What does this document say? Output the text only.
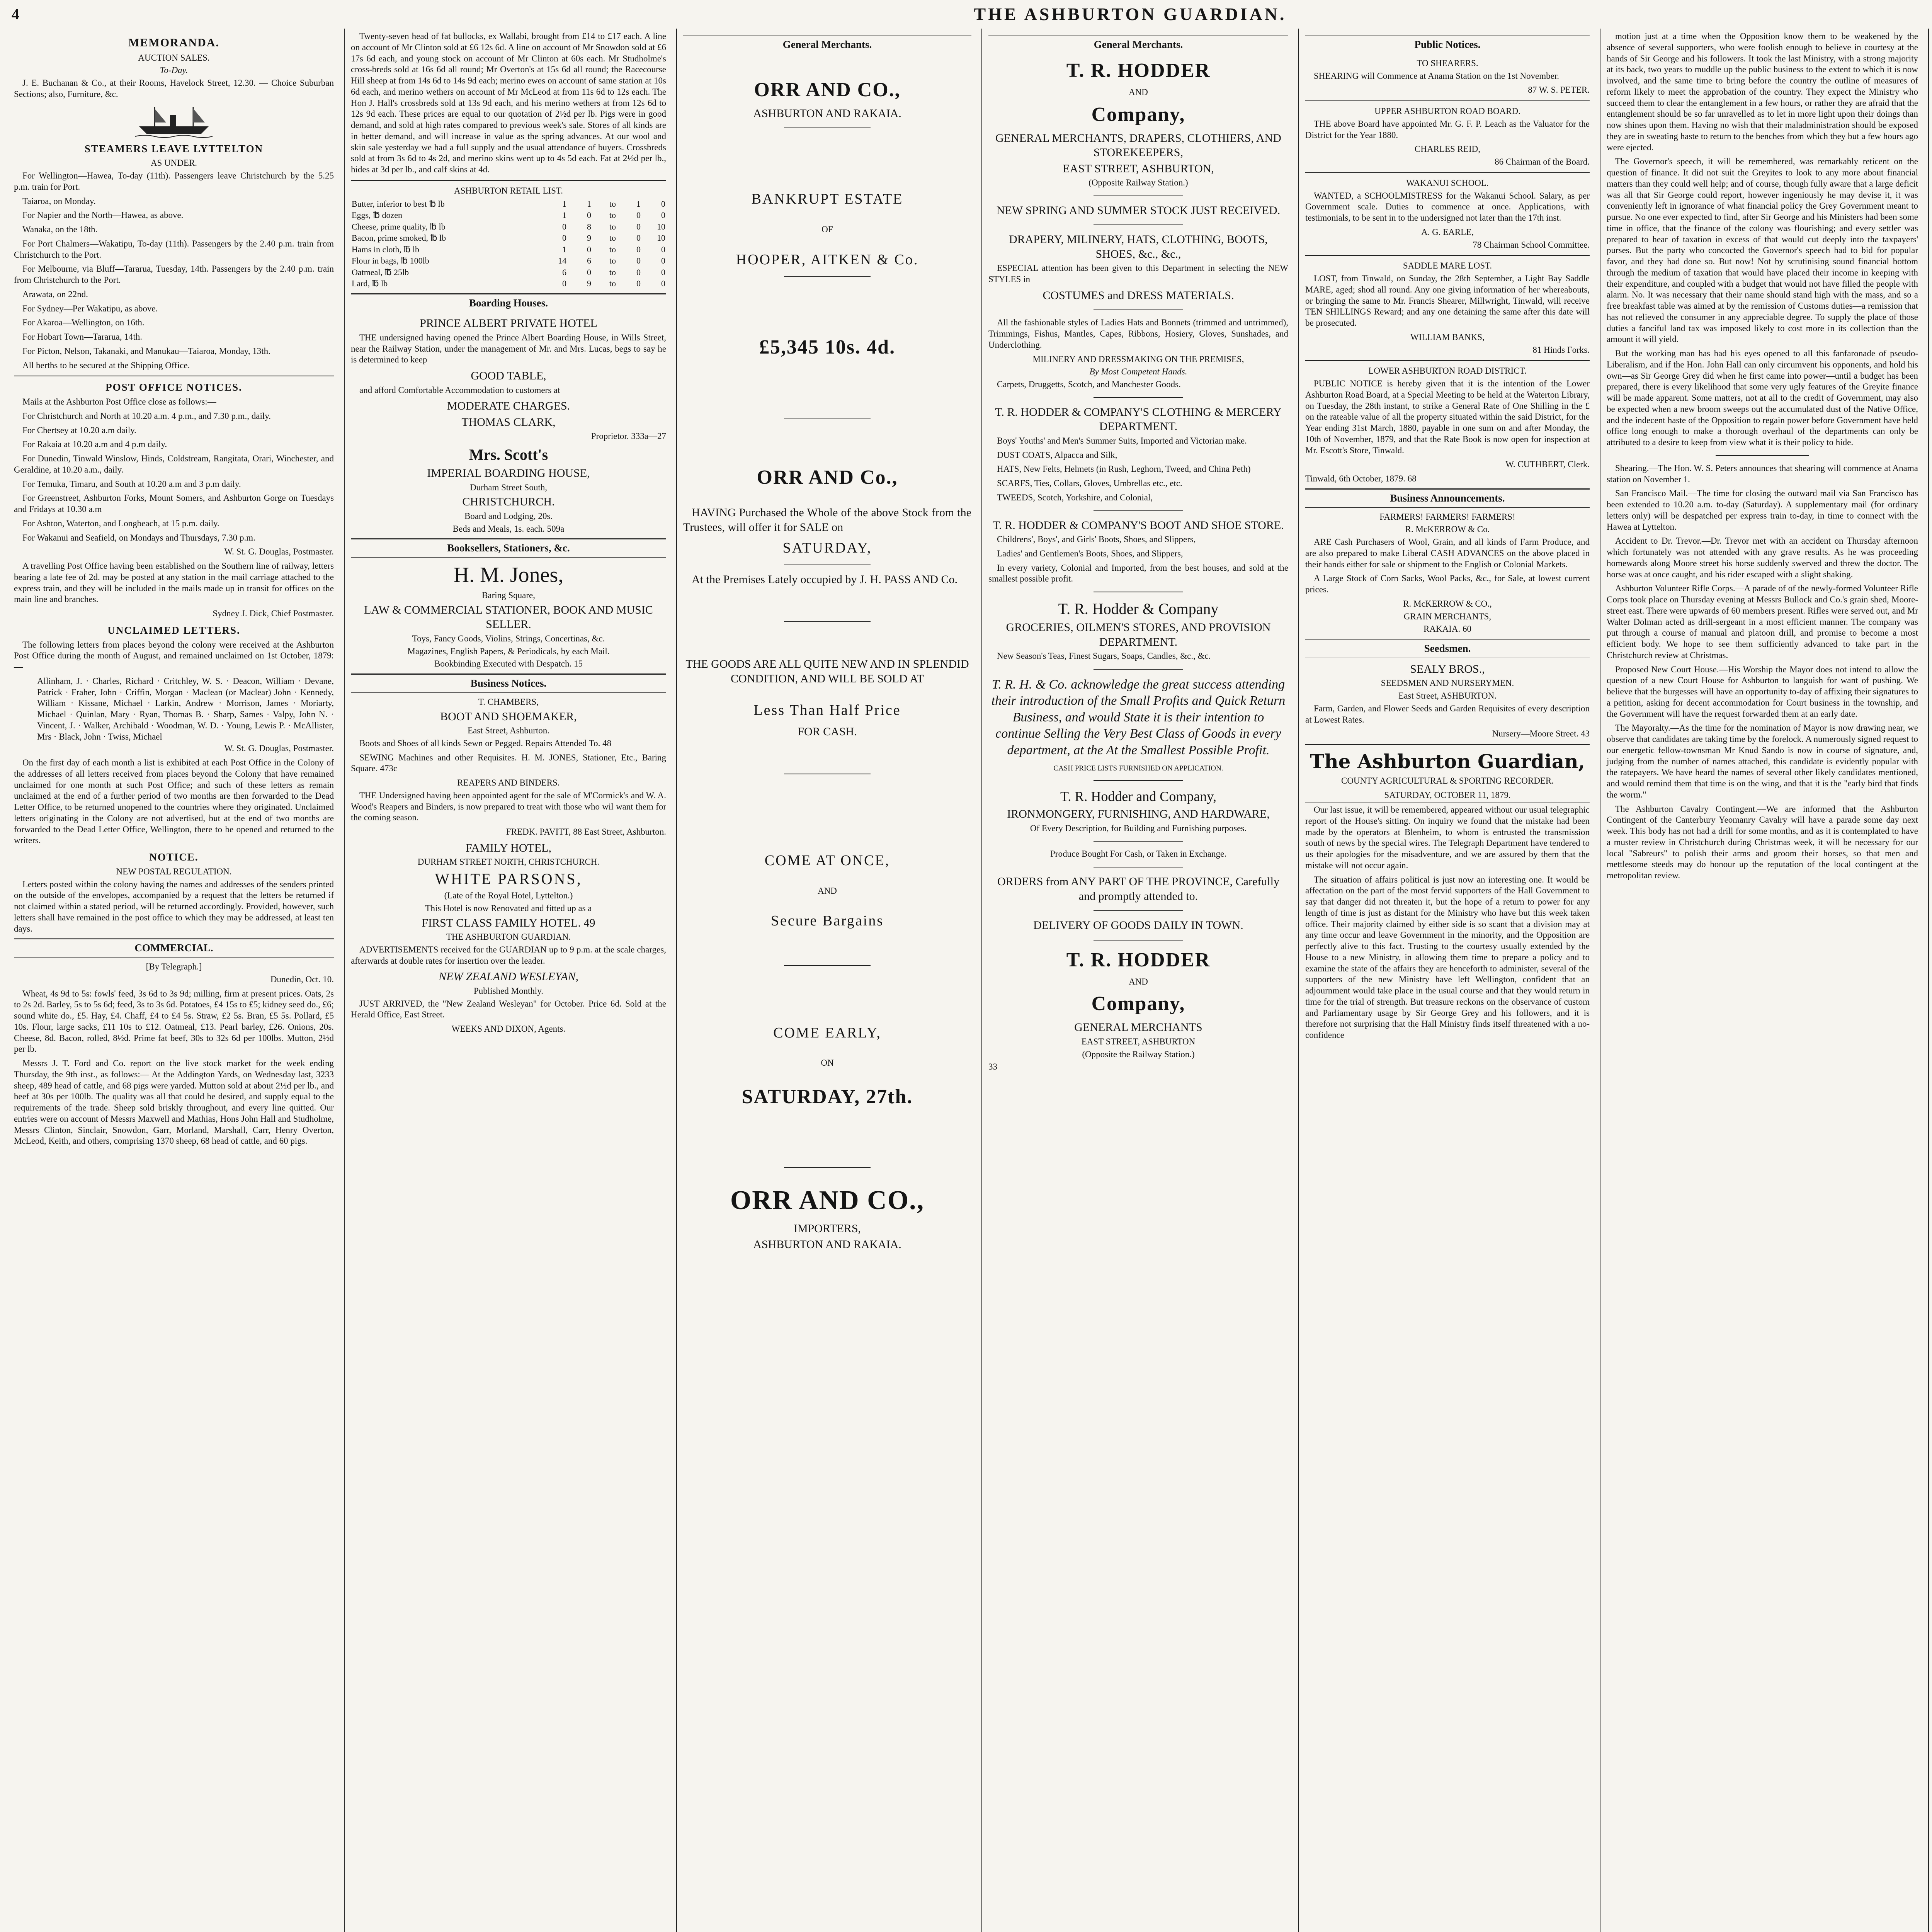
4	THE ASHBURTON GUARDIAN.
MEMORANDA.
AUCTION SALES.
To-Day.

J. E. Buchanan & Co., at their Rooms, Havelock Street, 12.30. — Choice Suburban Sections; also, Furniture, &c.

STEAMERS LEAVE LYTTELTON
AS UNDER.

For Wellington—Hawea, To-day (11th). Passengers leave Christchurch by the 5.25 p.m. train for Port.

Taiaroa, on Monday.

For Napier and the North—Hawea, as above.

Wanaka, on the 18th.

For Port Chalmers—Wakatipu, To-day (11th). Passengers by the 2.40 p.m. train from Christchurch to the Port.

For Melbourne, via Bluff—Tararua, Tuesday, 14th. Passengers by the 2.40 p.m. train from Christchurch to the Port.

Arawata, on 22nd.

For Sydney—Per Wakatipu, as above.

For Akaroa—Wellington, on 16th.

For Hobart Town—Tararua, 14th.

For Picton, Nelson, Takanaki, and Manukau—Taiaroa, Monday, 13th.

All berths to be secured at the Shipping Office.

POST OFFICE NOTICES.

Mails at the Ashburton Post Office close as follows:—

For Christchurch and North at 10.20 a.m. 4 p.m., and 7.30 p.m., daily.

For Chertsey at 10.20 a.m daily.

For Rakaia at 10.20 a.m and 4 p.m daily.

For Dunedin, Tinwald Winslow, Hinds, Coldstream, Rangitata, Orari, Winchester, and Geraldine, at 10.20 a.m., daily.

For Temuka, Timaru, and South at 10.20 a.m and 3 p.m daily.

For Greenstreet, Ashburton Forks, Mount Somers, and Ashburton Gorge on Tuesdays and Fridays at 10.30 a.m

For Ashton, Waterton, and Longbeach, at 15 p.m. daily.

For Wakanui and Seafield, on Mondays and Thursdays, 7.30 p.m.

W. St. G. Douglas, Postmaster.

A travelling Post Office having been established on the Southern line of railway, letters bearing a late fee of 2d. may be posted at any station in the mail carriage attached to the express train, and they will be included in the mails made up in transit for offices on the main line and branches.

Sydney J. Dick, Chief Postmaster.
UNCLAIMED LETTERS.

The following letters from places beyond the colony were received at the Ashburton Post Office during the month of August, and remained unclaimed on 1st October, 1879:—

Allinham, J. · Charles, Richard · Critchley, W. S. · Deacon, William · Devane, Patrick · Fraher, John · Criffin, Morgan · Maclean (or Maclear) John · Kennedy, William · Kissane, Michael · Larkin, Andrew · Morrison, James · Moriarty, Michael · Quinlan, Mary · Ryan, Thomas B. · Sharp, Sames · Valpy, John N. · Vincent, J. · Walker, Archibald · Woodman, W. D. · Young, Lewis P. · McAllister, Mrs · Black, John · Twiss, Michael
W. St. G. Douglas, Postmaster.

On the first day of each month a list is exhibited at each Post Office in the Colony of the addresses of all letters received from places beyond the Colony that have remained unclaimed for one month at such Post Office; and such of these letters as remain unclaimed at the end of a further period of two months are then forwarded to the Dead Letter Office, to be returned unopened to the countries where they originated. Unclaimed letters originating in the Colony are not advertised, but at the end of two months are forwarded to the Dead Letter Office, Wellington, there to be opened and returned to the writers.

NOTICE.
NEW POSTAL REGULATION.

Letters posted within the colony having the names and addresses of the senders printed on the outside of the envelopes, accompanied by a request that the letters be returned if not claimed within a stated period, will be returned accordingly. Provided, however, such letters shall have remained in the post office to which they may be addressed, at least ten days.

COMMERCIAL.
[By Telegraph.]
Dunedin, Oct. 10.

Wheat, 4s 9d to 5s: fowls' feed, 3s 6d to 3s 9d; milling, firm at present prices. Oats, 2s to 2s 2d. Barley, 5s to 5s 6d; feed, 3s to 3s 6d. Potatoes, £4 15s to £5; kidney seed do., £6; sound white do., £5. Hay, £4. Chaff, £4 to £4 5s. Straw, £2 5s. Bran, £5 5s. Pollard, £5 10s. Flour, large sacks, £11 10s to £12. Oatmeal, £13. Pearl barley, £26. Onions, 20s. Cheese, 8d. Bacon, rolled, 8½d. Prime fat beef, 30s to 32s 6d per 100lbs. Mutton, 2½d per lb.

Messrs J. T. Ford and Co. report on the live stock market for the week ending Thursday, the 9th inst., as follows:— At the Addington Yards, on Wednesday last, 3233 sheep, 489 head of cattle, and 68 pigs were yarded. Mutton sold at about 2½d per lb., and beef at 30s per 100lb. The quality was all that could be desired, and supply equal to the requirements of the trade. Sheep sold briskly throughout, and every line quitted. Our entries were on account of Messrs Maxwell and Mathias, Hons John Hall and Studholme, Messrs Clinton, Sinclair, Snowdon, Garr, Morland, Marshall, Carr, Henry Overton, McLeod, Keith, and others, comprising 1370 sheep, 68 head of cattle, and 60 pigs.

Twenty-seven head of fat bullocks, ex Wallabi, brought from £14 to £17 each. A line on account of Mr Clinton sold at £6 12s 6d. A line on account of Mr Snowdon sold at £6 17s 6d each, and young stock on account of Mr Clinton at 60s each. Mr Studholme's cross-breds sold at 16s 6d all round; Mr Overton's at 15s 6d all round; the Racecourse Hill sheep at from 14s 6d to 14s 9d each; merino ewes on account of same station at 10s 6d each, and merino wethers on account of Mr McLeod at from 11s 6d to 12s each. The Hon J. Hall's crossbreds sold at 13s 9d each, and his merino wethers at from 12s 6d to 12s 9d each. These prices are equal to our quotation of 2½d per lb. Pigs were in good demand, and sold at high rates compared to previous week's sale. Stores of all kinds are in better demand, and will increase in value as the spring advances. At our wool and skin sale yesterday we had a full supply and the usual attendance of buyers. Crossbreds sold at from 3s 6d to 4s 2d, and merino skins went up to 4s 5d each. Fat at 2½d per lb., hides at 3d per lb., and calf skins at 4d.

ASHBURTON RETAIL LIST.
Butter, inferior to best ℔ lb	1	1	to	1	0
Eggs, ℔ dozen	1	0	to	0	0
Cheese, prime quality, ℔ lb	0	8	to	0	10
Bacon, prime smoked, ℔ lb	0	9	to	0	10
Hams in cloth, ℔ lb	1	0	to	0	0
Flour in bags, ℔ 100lb	14	6	to	0	0
Oatmeal, ℔ 25lb	6	0	to	0	0
Lard, ℔ lb	0	9	to	0	0
Boarding Houses.
PRINCE ALBERT PRIVATE HOTEL

THE undersigned having opened the Prince Albert Boarding House, in Wills Street, near the Railway Station, under the management of Mr. and Mrs. Lucas, begs to say he is determined to keep

GOOD TABLE,

and afford Comfortable Accommodation to customers at

MODERATE CHARGES.
THOMAS CLARK,
Proprietor. 333a—27
Mrs. Scott's
IMPERIAL BOARDING HOUSE,
Durham Street South,
CHRISTCHURCH.
Board and Lodging, 20s.
Beds and Meals, 1s. each. 509a
Booksellers, Stationers, &c.
H. M. Jones,
Baring Square,
LAW & COMMERCIAL STATIONER, BOOK AND MUSIC SELLER.
Toys, Fancy Goods, Violins, Strings, Concertinas, &c.
Magazines, English Papers, & Periodicals, by each Mail.
Bookbinding Executed with Despatch. 15
Business Notices.
T. CHAMBERS,
BOOT AND SHOEMAKER,
East Street, Ashburton.

Boots and Shoes of all kinds Sewn or Pegged. Repairs Attended To. 48

SEWING Machines and other Requisites. H. M. JONES, Stationer, Etc., Baring Square. 473c

REAPERS AND BINDERS.

THE Undersigned having been appointed agent for the sale of M'Cormick's and W. A. Wood's Reapers and Binders, is now prepared to treat with those who wil want them for the coming season.

FREDK. PAVITT, 88 East Street, Ashburton.
FAMILY HOTEL,
DURHAM STREET NORTH, CHRISTCHURCH.
WHITE PARSONS,
(Late of the Royal Hotel, Lyttelton.)
This Hotel is now Renovated and fitted up as a
FIRST CLASS FAMILY HOTEL. 49
THE ASHBURTON GUARDIAN.

ADVERTISEMENTS received for the GUARDIAN up to 9 p.m. at the scale charges, afterwards at double rates for insertion over the leader.

NEW ZEALAND WESLEYAN,
Published Monthly.

JUST ARRIVED, the "New Zealand Wesleyan" for October. Price 6d. Sold at the Herald Office, East Street.

WEEKS AND DIXON, Agents.
General Merchants.
ORR AND CO.,
ASHBURTON AND RAKAIA.
BANKRUPT ESTATE
OF
HOOPER, AITKEN & Co.
£5,345 10s. 4d.
ORR AND Co.,

HAVING Purchased the Whole of the above Stock from the Trustees, will offer it for SALE on

SATURDAY,

At the Premises Lately occupied by J. H. PASS AND Co.

THE GOODS ARE ALL QUITE NEW AND IN SPLENDID CONDITION, AND WILL BE SOLD AT
Less Than Half Price
FOR CASH.
COME AT ONCE,
AND
Secure Bargains
COME EARLY,
ON
SATURDAY, 27th.
ORR AND CO.,
IMPORTERS,
ASHBURTON AND RAKAIA.
General Merchants.
T. R. HODDER
AND
Company,
GENERAL MERCHANTS, DRAPERS, CLOTHIERS, AND STOREKEEPERS,
EAST STREET, ASHBURTON,
(Opposite Railway Station.)
NEW SPRING AND SUMMER STOCK JUST RECEIVED.
DRAPERY, MILINERY, HATS, CLOTHING, BOOTS, SHOES, &c., &c.,

ESPECIAL attention has been given to this Department in selecting the NEW STYLES in

COSTUMES and DRESS MATERIALS.

All the fashionable styles of Ladies Hats and Bonnets (trimmed and untrimmed), Trimmings, Fishus, Mantles, Capes, Ribbons, Hosiery, Gloves, Sunshades, and Underclothing.

MILINERY AND DRESSMAKING ON THE PREMISES,
By Most Competent Hands.

Carpets, Druggetts, Scotch, and Manchester Goods.

T. R. HODDER & COMPANY'S CLOTHING & MERCERY DEPARTMENT.

Boys' Youths' and Men's Summer Suits, Imported and Victorian make.

DUST COATS, Alpacca and Silk,

HATS, New Felts, Helmets (in Rush, Leghorn, Tweed, and China Peth)

SCARFS, Ties, Collars, Gloves, Umbrellas etc., etc.

TWEEDS, Scotch, Yorkshire, and Colonial,

T. R. HODDER & COMPANY'S BOOT AND SHOE STORE.

Childrens', Boys', and Girls' Boots, Shoes, and Slippers,

Ladies' and Gentlemen's Boots, Shoes, and Slippers,

In every variety, Colonial and Imported, from the best houses, and sold at the smallest possible profit.

T. R. Hodder & Company
GROCERIES, OILMEN'S STORES, AND PROVISION DEPARTMENT.

New Season's Teas, Finest Sugars, Soaps, Candles, &c., &c.

T. R. H. & Co. acknowledge the great success attending their introduction of the Small Profits and Quick Return Business, and would State it is their intention to continue Selling the Very Best Class of Goods in every department, at the At the Smallest Possible Profit.
CASH PRICE LISTS FURNISHED ON APPLICATION.
T. R. Hodder and Company,
IRONMONGERY, FURNISHING, AND HARDWARE,
Of Every Description, for Building and Furnishing purposes.
Produce Bought For Cash, or Taken in Exchange.
ORDERS from ANY PART OF THE PROVINCE, Carefully and promptly attended to.
DELIVERY OF GOODS DAILY IN TOWN.
T. R. HODDER
AND
Company,
GENERAL MERCHANTS
EAST STREET, ASHBURTON
(Opposite the Railway Station.)
33
Public Notices.
TO SHEARERS.

SHEARING will Commence at Anama Station on the 1st November.

87 W. S. PETER.
UPPER ASHBURTON ROAD BOARD.

THE above Board have appointed Mr. G. F. P. Leach as the Valuator for the District for the Year 1880.

CHARLES REID,
86 Chairman of the Board.
WAKANUI SCHOOL.

WANTED, a SCHOOLMISTRESS for the Wakanui School. Salary, as per Government scale. Duties to commence at once. Applications, with testimonials, to be sent in to the undersigned not later than the 17th inst.

A. G. EARLE,
78 Chairman School Committee.
SADDLE MARE LOST.

LOST, from Tinwald, on Sunday, the 28th September, a Light Bay Saddle MARE, aged; shod all round. Any one giving information of her whereabouts, or bringing the same to Mr. Francis Shearer, Millwright, Tinwald, will receive TEN SHILLINGS Reward; and any one detaining the same after this date will be prosecuted.

WILLIAM BANKS,
81 Hinds Forks.
LOWER ASHBURTON ROAD DISTRICT.

PUBLIC NOTICE is hereby given that it is the intention of the Lower Ashburton Road Board, at a Special Meeting to be held at the Waterton Library, on Tuesday, the 28th instant, to strike a General Rate of One Shilling in the £ on the rateable value of all the property situated within the said District, for the Year ending 31st March, 1880, payable in one sum on and after Monday, the 10th of November, 1879, and that the Rate Book is now open for inspection at Mr. Escott's Store, Tinwald.

W. CUTHBERT, Clerk.
Tinwald, 6th October, 1879. 68
Business Announcements.
FARMERS! FARMERS! FARMERS!
R. McKERROW & Co.

ARE Cash Purchasers of Wool, Grain, and all kinds of Farm Produce, and are also prepared to make Liberal CASH ADVANCES on the above placed in their hands either for sale or shipment to the English or Colonial Markets.

A Large Stock of Corn Sacks, Wool Packs, &c., for Sale, at lowest current prices.

R. McKERROW & CO.,
GRAIN MERCHANTS,
RAKAIA. 60
Seedsmen.
SEALY BROS.,
SEEDSMEN AND NURSERYMEN.
East Street, ASHBURTON.

Farm, Garden, and Flower Seeds and Garden Requisites of every description at Lowest Rates.

Nursery—Moore Street. 43
The Ashburton Guardian,
COUNTY AGRICULTURAL & SPORTING RECORDER.
SATURDAY, OCTOBER 11, 1879.

Our last issue, it will be remembered, appeared without our usual telegraphic report of the House's sitting. On inquiry we found that the mistake had been made by the operators at Blenheim, to whom is entrusted the transmission south of news by the special wires. The Telegraph Department have tendered to us their apologies for the misadventure, and we are assured by them that the mistake will not occur again.

The situation of affairs political is just now an interesting one. It would be affectation on the part of the most fervid supporters of the Hall Government to say that danger did not threaten it, but the hope of a return to power for any length of time is just as distant for the Ministry who have but this week taken office. Their majority claimed by either side is so scant that a division may at any time occur and leave Government in the minority, and the Opposition are perfectly alive to this fact. Trusting to the courtesy usually extended by the House to a new Ministry, in allowing them time to prepare a policy and to examine the state of the affairs they are henceforth to administer, several of the supporters of the new Ministry have left Wellington, confident that an adjournment would take place in the usual course and that they would return in time for the trial of strength. But treasure reckons on the observance of custom and Parliamentary usage by Sir George Grey and his followers, and it is therefore not surprising that the Hall Ministry finds itself threatened with a no-confidence

motion just at a time when the Opposition know them to be weakened by the absence of several supporters, who were foolish enough to believe in courtesy at the hands of Sir George and his followers. It took the last Ministry, with a strong majority at its back, two years to muddle up the public business to the extent to which it is now involved, and the same time to bring before the country the outline of measures of reform likely to meet the approbation of the country. They expect the Ministry who succeed them to clear the entanglement in a few hours, or rather they are afraid that the entanglement should be so far unravelled as to let in more light upon their doings than now shines upon them. Having no wish that their maladministration should be exposed they are in sweating haste to return to the benches from which they but a few hours ago were ejected.

The Governor's speech, it will be remembered, was remarkably reticent on the question of finance. It did not suit the Greyites to look to any more about financial matters than they could well help; and of course, though fully aware that a large deficit was all that Sir George could report, however ingeniously he may devise it, it was conveniently left in ignorance of what financial policy the Grey Government meant to pursue. No one ever expected to find, after Sir George and his Ministers had been some time in office, that the finance of the colony was flourishing; and every settler was prepared to hear of taxation in excess of that would cut deeply into the taxpayers' purses. But the party who concocted the Governor's speech had to bid for popular favor, and they had done so. But now! Not by scrutinising sound financial bottom through the medium of taxation that would have placed their income in keeping with their expenditure, and coupled with a budget that would not have filled the people with alarm. No. It was necessary that their name should stand high with the mass, and so a free breakfast table was aimed at by the remission of Customs duties—a remission that has not relieved the consumer in any appreciable degree. To supply the place of those duties a fanciful land tax was imposed likely to cost more in its collection than the amount it will yield.

But the working man has had his eyes opened to all this fanfaronade of pseudo-Liberalism, and if the Hon. John Hall can only circumvent his opponents, and hold his own—as Sir George Grey did when he first came into power—until a budget has been prepared, there is every likelihood that some very ugly features of the Greyite finance will be made apparent. Some matters, not at all to the credit of Government, may also be expected when a new broom sweeps out the accumulated dust of the Native Office, and the indecent haste of the Opposition to regain power before Government have held office long enough to make a thorough overhaul of the departments can only be attributed to a desire to keep from view what it is their policy to hide.

Shearing.—The Hon. W. S. Peters announces that shearing will commence at Anama station on November 1.

San Francisco Mail.—The time for closing the outward mail via San Francisco has been extended to 10.20 a.m. to-day (Saturday). A supplementary mail (for ordinary letters only) will be despatched per express train to-day, in time to connect with the Hawea at Lyttelton.

Accident to Dr. Trevor.—Dr. Trevor met with an accident on Thursday afternoon which fortunately was not attended with any grave results. As he was proceeding homewards along Moore street his horse suddenly swerved and threw the doctor. The horse was at once caught, and his rider escaped with a slight shaking.

Ashburton Volunteer Rifle Corps.—A parade of of the newly-formed Volunteer Rifle Corps took place on Thursday evening at Messrs Bullock and Co.'s grain shed, Moore-street east. There were upwards of 60 members present. Rifles were served out, and Mr Walter Dolman acted as drill-sergeant in a most efficient manner. The company was put through a course of manual and platoon drill, and promise to become a most efficient body. We hope to see them sufficiently advanced to take part in the Christchurch review at Christmas.

Proposed New Court House.—His Worship the Mayor does not intend to allow the question of a new Court House for Ashburton to languish for want of pushing. We believe that the burgesses will have an opportunity to-day of affixing their signatures to a petition, asking for decent accommodation for Court business in the township, and the Government will have the request forwarded them at an early date.

The Mayoralty.—As the time for the nomination of Mayor is now drawing near, we observe that candidates are taking time by the forelock. A numerously signed request to our energetic fellow-townsman Mr Knud Sando is now in course of signature, and, judging from the number of names attached, this candidate is evidently popular with the ratepayers. We have heard the names of several other likely candidates mentioned, and would remind them that time is on the wing, and that it is the "early bird that finds the worm."

The Ashburton Cavalry Contingent.—We are informed that the Ashburton Contingent of the Canterbury Yeomanry Cavalry will have a parade some day next week. This body has not had a drill for some months, and as it is contemplated to have a muster review in Christchurch during Christmas week, it will be necessary for our local "Sabreurs" to polish their arms and groom their horses, so that men and mettlesome steeds may do honour up the reputation of the local contingent at the metropolitan review.
